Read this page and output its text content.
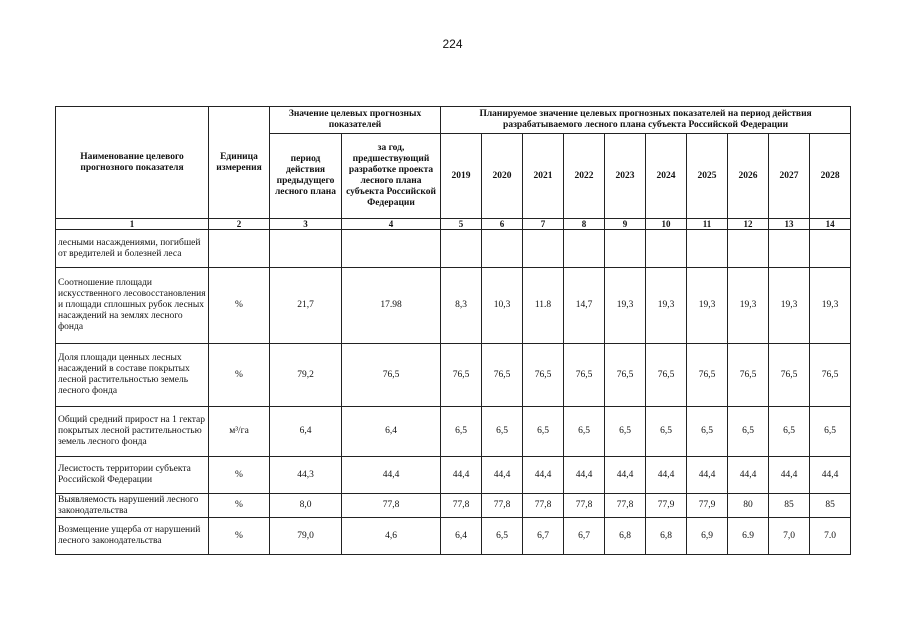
224
Наименование целевого прогнозного показателя	Единица измерения	Значение целевых прогнозных показателей		Планируемое значение целевых прогнозных показателей на период действия разрабатываемого лесного плана субъекта Российской Федерации									
		период действия предыдущего лесного плана	за год, предшествующий разработке проекта лесного плана субъекта Российской Федерации	2019	2020	2021	2022	2023	2024	2025	2026	2027	2028
1	2	3	4	5	6	7	8	9	10	11	12	13	14
лесными насаждениями, погибшей от вредителей и болезней леса													
Соотношение площади искусственного лесовосстановления и площади сплошных рубок лесных насаждений на землях лесного фонда	%	21,7	17.98	8,3	10,3	11.8	14,7	19,3	19,3	19,3	19,3	19,3	19,3
Доля площади ценных лесных насаждений в составе покрытых лесной растительностью земель лесного фонда	%	79,2	76,5	76,5	76,5	76,5	76,5	76,5	76,5	76,5	76,5	76,5	76,5
Общий средний прирост на 1 гектар покрытых лесной растительностью земель лесного фонда	м³/га	6,4	6,4	6,5	6,5	6,5	6,5	6,5	6,5	6,5	6,5	6,5	6,5
Лесистость территории субъекта Российской Федерации	%	44,3	44,4	44,4	44,4	44,4	44,4	44,4	44,4	44,4	44,4	44,4	44,4
Выявляемость нарушений лесного законодательства	%	8,0	77,8	77,8	77,8	77,8	77,8	77,8	77,9	77,9	80	85	85
Возмещение ущерба от нарушений лесного законодательства	%	79,0	4,6	6,4	6,5	6,7	6,7	6,8	6,8	6,9	6.9	7,0	7.0
